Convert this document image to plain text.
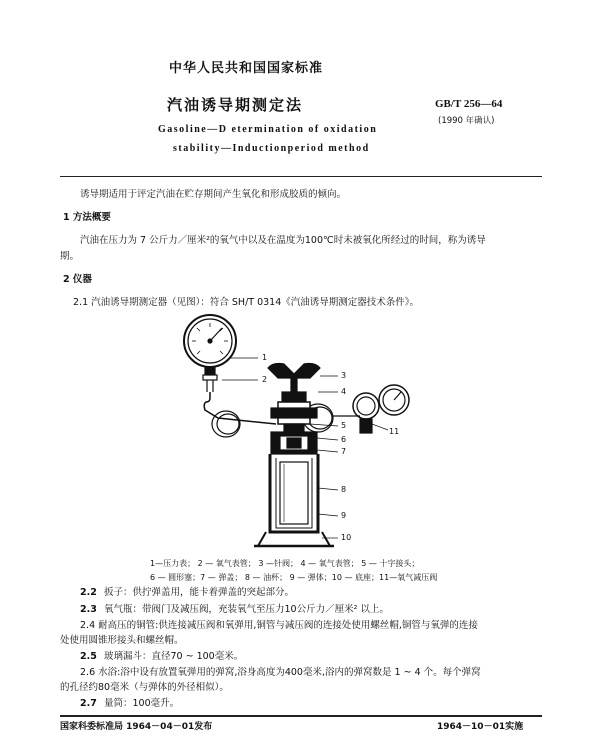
中华人民共和国国家标准
汽油诱导期测定法	GB/T 256—64
(1990 年确认)
Gasoline—D etermination of oxidation
stability—Inductionperiod method
诱导期适用于评定汽油在贮存期间产生氧化和形成胶质的倾向。
1 方法概要
汽油在压力为 7 公斤力／厘米²的氧气中以及在温度为100℃时未被氧化所经过的时间，称为诱导
期。
2 仪器
2.1 汽油诱导期测定器（见图）：符合 SH/T 0314《汽油诱导期测定器技术条件》。
1
2	3
4
5
6
7
8
9
10
11
1—压力表； 2 — 氧气表管； 3 —针阀； 4 — 氧气表管； 5 — 十字接头；
6 — 圆形塞；7 — 弹盖； 8 — 油杯； 9 — 弹体；10 — 底座；11—氧气减压阀
2.2 扳子：供拧弹盖用，能卡着弹盖的突起部分。
2.3 氧气瓶：带阀门及减压阀，充装氧气至压力10公斤力／厘米² 以上。
2.4 耐高压的铜管:供连接减压阀和氧弹用,铜管与减压阀的连接处使用螺丝帽,铜管与氧弹的连接
处使用圆锥形接头和螺丝帽。
2.5 玻璃漏斗：直径70 ~ 100毫米。
2.6 水浴:浴中设有放置氧弹用的弹窝,浴身高度为400毫米,浴内的弹窝数是 1 ~ 4 个。每个弹窝
的孔径约80毫米（与弹体的外径相似）。
2.7 量筒：100毫升。
国家科委标准局 1964－04－01发布	1964－10－01实施
